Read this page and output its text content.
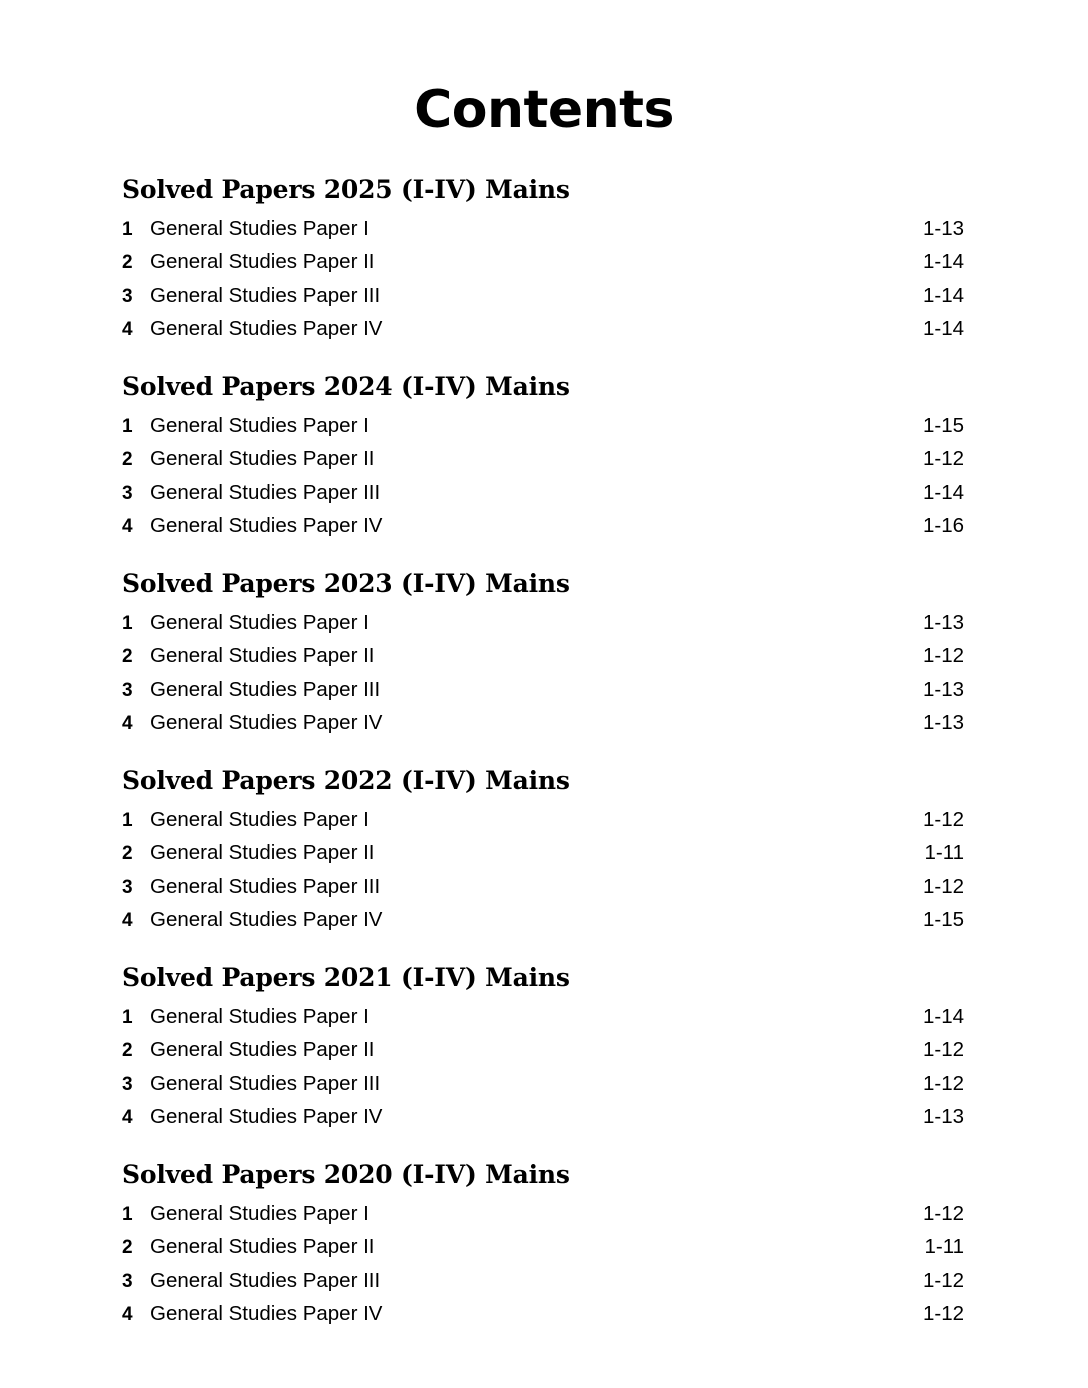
Contents
Solved Papers 2025 (I-IV) Mains
1 General Studies Paper I	1-13
2 General Studies Paper II	1-14
3 General Studies Paper III	1-14
4 General Studies Paper IV	1-14
Solved Papers 2024 (I-IV) Mains
1 General Studies Paper I	1-15
2 General Studies Paper II	1-12
3 General Studies Paper III	1-14
4 General Studies Paper IV	1-16
Solved Papers 2023 (I-IV) Mains
1 General Studies Paper I	1-13
2 General Studies Paper II	1-12
3 General Studies Paper III	1-13
4 General Studies Paper IV	1-13
Solved Papers 2022 (I-IV) Mains
1 General Studies Paper I	1-12
2 General Studies Paper II	1-11
3 General Studies Paper III	1-12
4 General Studies Paper IV	1-15
Solved Papers 2021 (I-IV) Mains
1 General Studies Paper I	1-14
2 General Studies Paper II	1-12
3 General Studies Paper III	1-12
4 General Studies Paper IV	1-13
Solved Papers 2020 (I-IV) Mains
1 General Studies Paper I	1-12
2 General Studies Paper II	1-11
3 General Studies Paper III	1-12
4 General Studies Paper IV	1-12
